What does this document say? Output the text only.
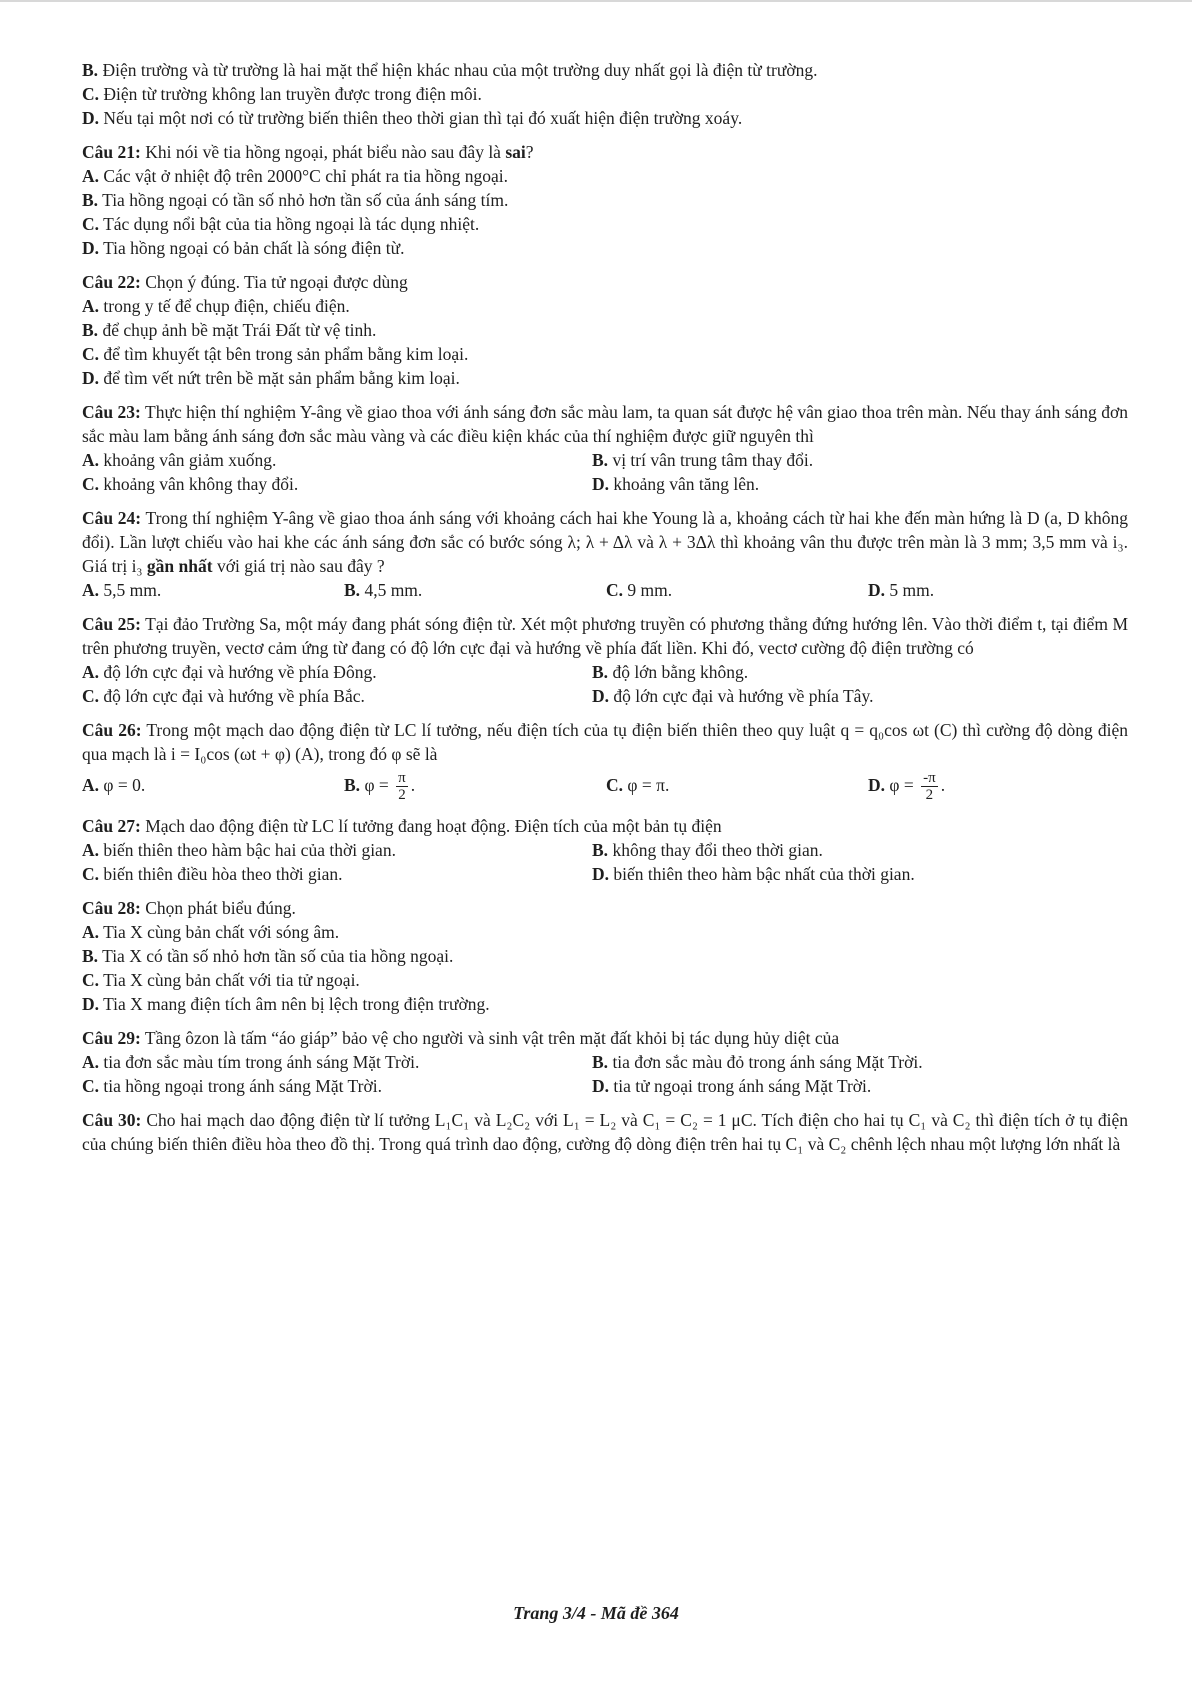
B. Điện trường và từ trường là hai mặt thể hiện khác nhau của một trường duy nhất gọi là điện từ trường.
C. Điện từ trường không lan truyền được trong điện môi.
D. Nếu tại một nơi có từ trường biến thiên theo thời gian thì tại đó xuất hiện điện trường xoáy.
Câu 21: Khi nói về tia hồng ngoại, phát biểu nào sau đây là sai?
A. Các vật ở nhiệt độ trên 2000°C chỉ phát ra tia hồng ngoại.
B. Tia hồng ngoại có tần số nhỏ hơn tần số của ánh sáng tím.
C. Tác dụng nổi bật của tia hồng ngoại là tác dụng nhiệt.
D. Tia hồng ngoại có bản chất là sóng điện từ.
Câu 22: Chọn ý đúng. Tia tử ngoại được dùng
A. trong y tế để chụp điện, chiếu điện.
B. để chụp ảnh bề mặt Trái Đất từ vệ tinh.
C. để tìm khuyết tật bên trong sản phẩm bằng kim loại.
D. để tìm vết nứt trên bề mặt sản phẩm bằng kim loại.
Câu 23: Thực hiện thí nghiệm Y-âng về giao thoa với ánh sáng đơn sắc màu lam, ta quan sát được hệ vân giao thoa trên màn. Nếu thay ánh sáng đơn sắc màu lam bằng ánh sáng đơn sắc màu vàng và các điều kiện khác của thí nghiệm được giữ nguyên thì
A. khoảng vân giảm xuống.	B. vị trí vân trung tâm thay đổi.
C. khoảng vân không thay đổi.	D. khoảng vân tăng lên.
Câu 24: Trong thí nghiệm Y-âng về giao thoa ánh sáng với khoảng cách hai khe Young là a, khoảng cách từ hai khe đến màn hứng là D (a, D không đổi). Lần lượt chiếu vào hai khe các ánh sáng đơn sắc có bước sóng λ; λ + Δλ và λ + 3Δλ thì khoảng vân thu được trên màn là 3 mm; 3,5 mm và i₃. Giá trị i₃ gần nhất với giá trị nào sau đây ?
A. 5,5 mm.	B. 4,5 mm.	C. 9 mm.	D. 5 mm.
Câu 25: Tại đảo Trường Sa, một máy đang phát sóng điện từ. Xét một phương truyền có phương thẳng đứng hướng lên. Vào thời điểm t, tại điểm M trên phương truyền, vectơ cảm ứng từ đang có độ lớn cực đại và hướng về phía đất liền. Khi đó, vectơ cường độ điện trường có
A. độ lớn cực đại và hướng về phía Đông.	B. độ lớn bằng không.
C. độ lớn cực đại và hướng về phía Bắc.	D. độ lớn cực đại và hướng về phía Tây.
Câu 26: Trong một mạch dao động điện từ LC lí tưởng, nếu điện tích của tụ điện biến thiên theo quy luật q = q₀cos ωt (C) thì cường độ dòng điện qua mạch là i = I₀cos (ωt + φ) (A), trong đó φ sẽ là
A. φ = 0.	B. $\varphi = \frac{\pi}{2}$ .	C. φ = π.	D. $\varphi = \frac{-\pi}{2}$ .
Câu 27: Mạch dao động điện từ LC lí tưởng đang hoạt động. Điện tích của một bản tụ điện
A. biến thiên theo hàm bậc hai của thời gian.	B. không thay đổi theo thời gian.
C. biến thiên điều hòa theo thời gian.	D. biến thiên theo hàm bậc nhất của thời gian.
Câu 28: Chọn phát biểu đúng.
A. Tia X cùng bản chất với sóng âm.
B. Tia X có tần số nhỏ hơn tần số của tia hồng ngoại.
C. Tia X cùng bản chất với tia tử ngoại.
D. Tia X mang điện tích âm nên bị lệch trong điện trường.
Câu 29: Tầng ôzon là tấm “áo giáp” bảo vệ cho người và sinh vật trên mặt đất khỏi bị tác dụng hủy diệt của
A. tia đơn sắc màu tím trong ánh sáng Mặt Trời.	B. tia đơn sắc màu đỏ trong ánh sáng Mặt Trời.
C. tia hồng ngoại trong ánh sáng Mặt Trời.	D. tia tử ngoại trong ánh sáng Mặt Trời.
Câu 30: Cho hai mạch dao động điện từ lí tưởng L₁C₁ và L₂C₂ với L₁ = L₂ và C₁ = C₂ = 1 μC. Tích điện cho hai tụ C₁ và C₂ thì điện tích ở tụ điện của chúng biến thiên điều hòa theo đồ thị. Trong quá trình dao động, cường độ dòng điện trên hai tụ C₁ và C₂ chênh lệch nhau một lượng lớn nhất là
Trang 3/4 - Mã đề 364
